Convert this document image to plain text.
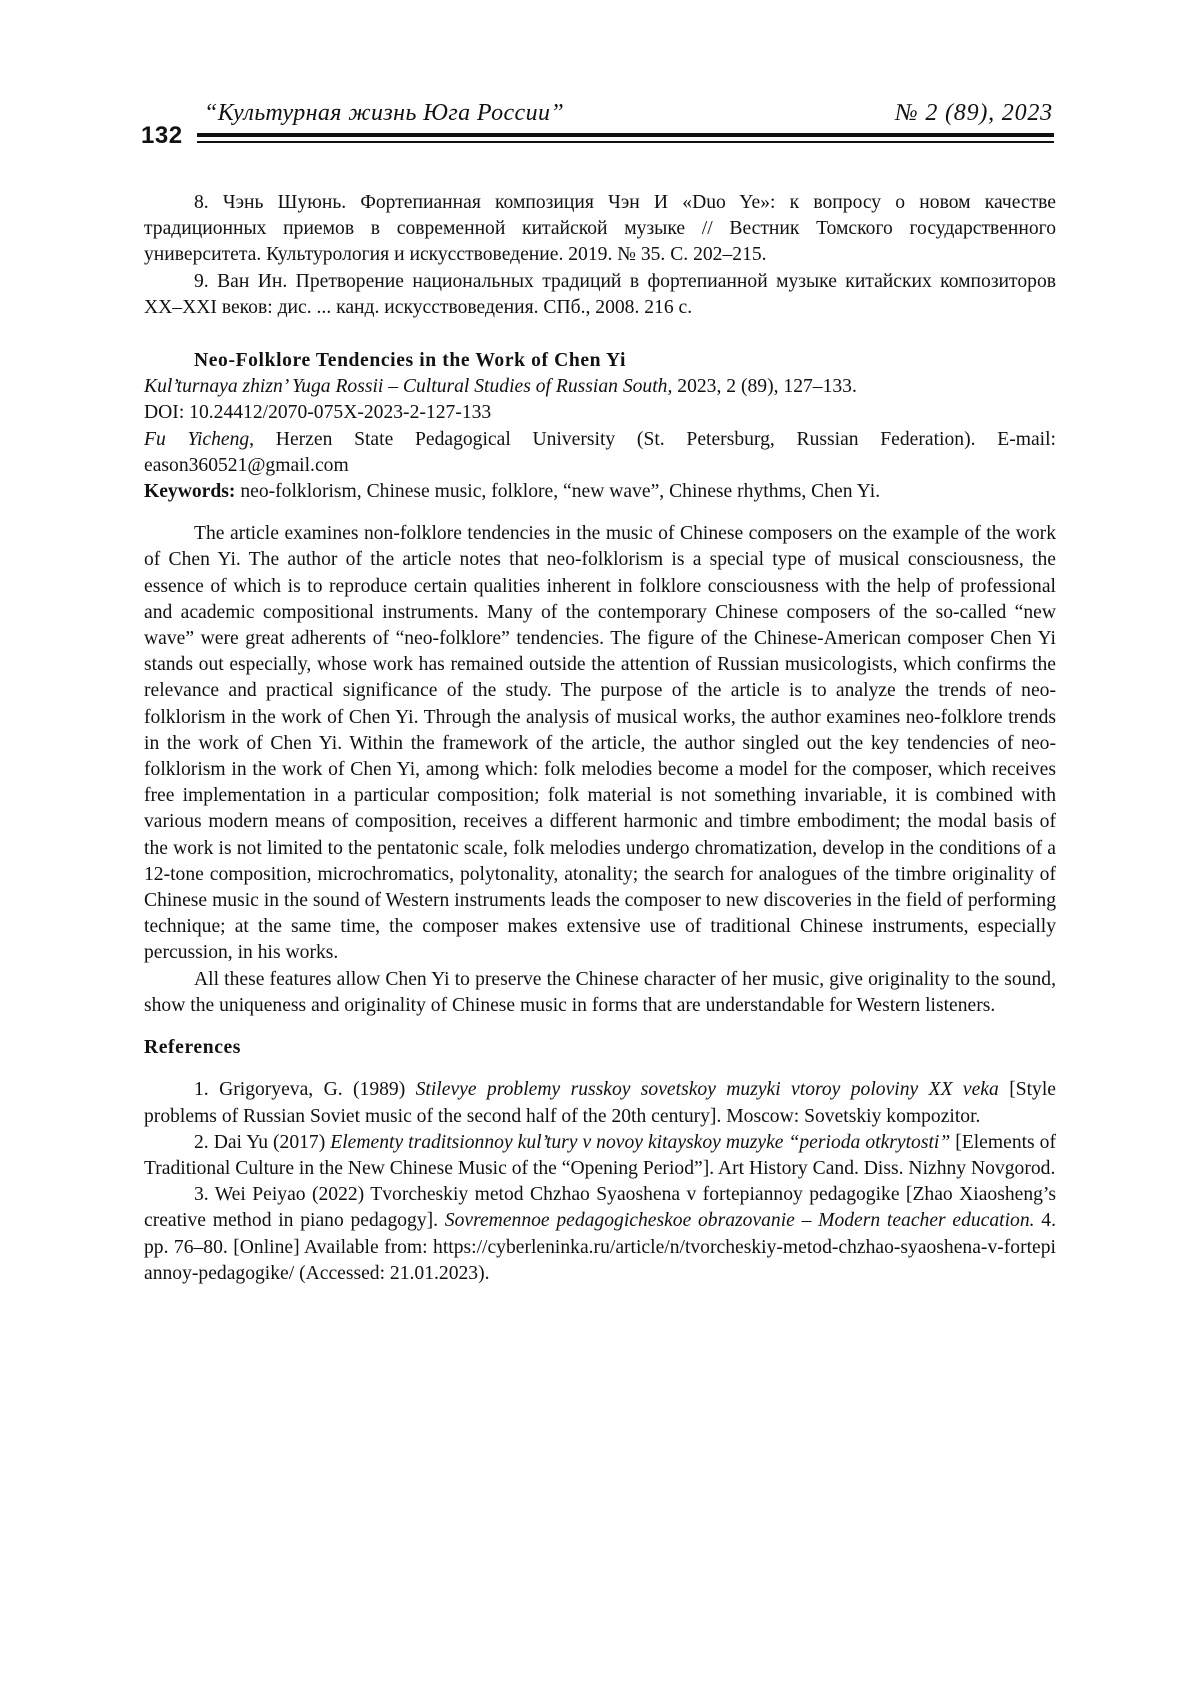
132
“Культурная жизнь Юга России”	№ 2 (89), 2023

8. Чэнь Шуюнь. Фортепианная композиция Чэн И «Duo Ye»: к вопросу о новом качестве традиционных приемов в современной китайской музыке // Вестник Томского государственного университета. Культурология и искусствоведение. 2019. № 35. С. 202–215.

9. Ван Ин. Претворение национальных традиций в фортепианной музыке китайских композиторов XX–XXI веков: дис. ... канд. искусствоведения. СПб., 2008. 216 с.

Neo-Folklore Tendencies in the Work of Chen Yi

Kul’turnaya zhizn’ Yuga Rossii – Cultural Studies of Russian South, 2023, 2 (89), 127–133.

DOI: 10.24412/2070-075X-2023-2-127-133

Fu Yicheng, Herzen State Pedagogical University (St. Petersburg, Russian Federation). E-mail: eason360521@gmail.com

Keywords: neo-folklorism, Chinese music, folklore, “new wave”, Chinese rhythms, Chen Yi.

The article examines non-folklore tendencies in the music of Chinese composers on the example of the work of Chen Yi. The author of the article notes that neo-folklorism is a special type of musical consciousness, the essence of which is to reproduce certain qualities inherent in folklore consciousness with the help of professional and academic compositional instruments. Many of the contemporary Chinese composers of the so-called “new wave” were great adherents of “neo-folklore” tendencies. The figure of the Chinese-American composer Chen Yi stands out especially, whose work has remained outside the attention of Russian musicologists, which confirms the relevance and practical significance of the study. The purpose of the article is to analyze the trends of neo-folklorism in the work of Chen Yi. Through the analysis of musical works, the author examines neo-folklore trends in the work of Chen Yi. Within the framework of the article, the author singled out the key tendencies of neo-folklorism in the work of Chen Yi, among which: folk melodies become a model for the composer, which receives free implementation in a particular composition; folk material is not something invariable, it is combined with various modern means of composition, receives a different harmonic and timbre embodiment; the modal basis of the work is not limited to the pentatonic scale, folk melodies undergo chromatization, develop in the conditions of a 12-tone composition, microchromatics, polytonality, atonality; the search for analogues of the timbre originality of Chinese music in the sound of Western instruments leads the composer to new discoveries in the field of performing technique; at the same time, the composer makes extensive use of traditional Chinese instruments, especially percussion, in his works.

All these features allow Chen Yi to preserve the Chinese character of her music, give originality to the sound, show the uniqueness and originality of Chinese music in forms that are understandable for Western listeners.

References

1. Grigoryeva, G. (1989) Stilevye problemy russkoy sovetskoy muzyki vtoroy poloviny XX veka [Style problems of Russian Soviet music of the second half of the 20th century]. Moscow: Sovetskiy kompozitor.

2. Dai Yu (2017) Elementy traditsionnoy kul’tury v novoy kitayskoy muzyke “perioda otkrytosti” [Elements of Traditional Culture in the New Chinese Music of the “Opening Period”]. Art History Cand. Diss. Nizhny Novgorod.

3. Wei Peiyao (2022) Tvorcheskiy metod Chzhao Syaoshena v fortepiannoy pedagogike [Zhao Xiaosheng’s creative method in piano pedagogy]. Sovremennoe pedagogicheskoe obrazovanie – Modern teacher education. 4. pp. 76–80. [Online] Available from: https://cyberleninka.ru/article/n/tvorcheskiy-metod-chzhao-syaoshena-v-fortepiannoy-pedagogike/ (Accessed: 21.01.2023).
